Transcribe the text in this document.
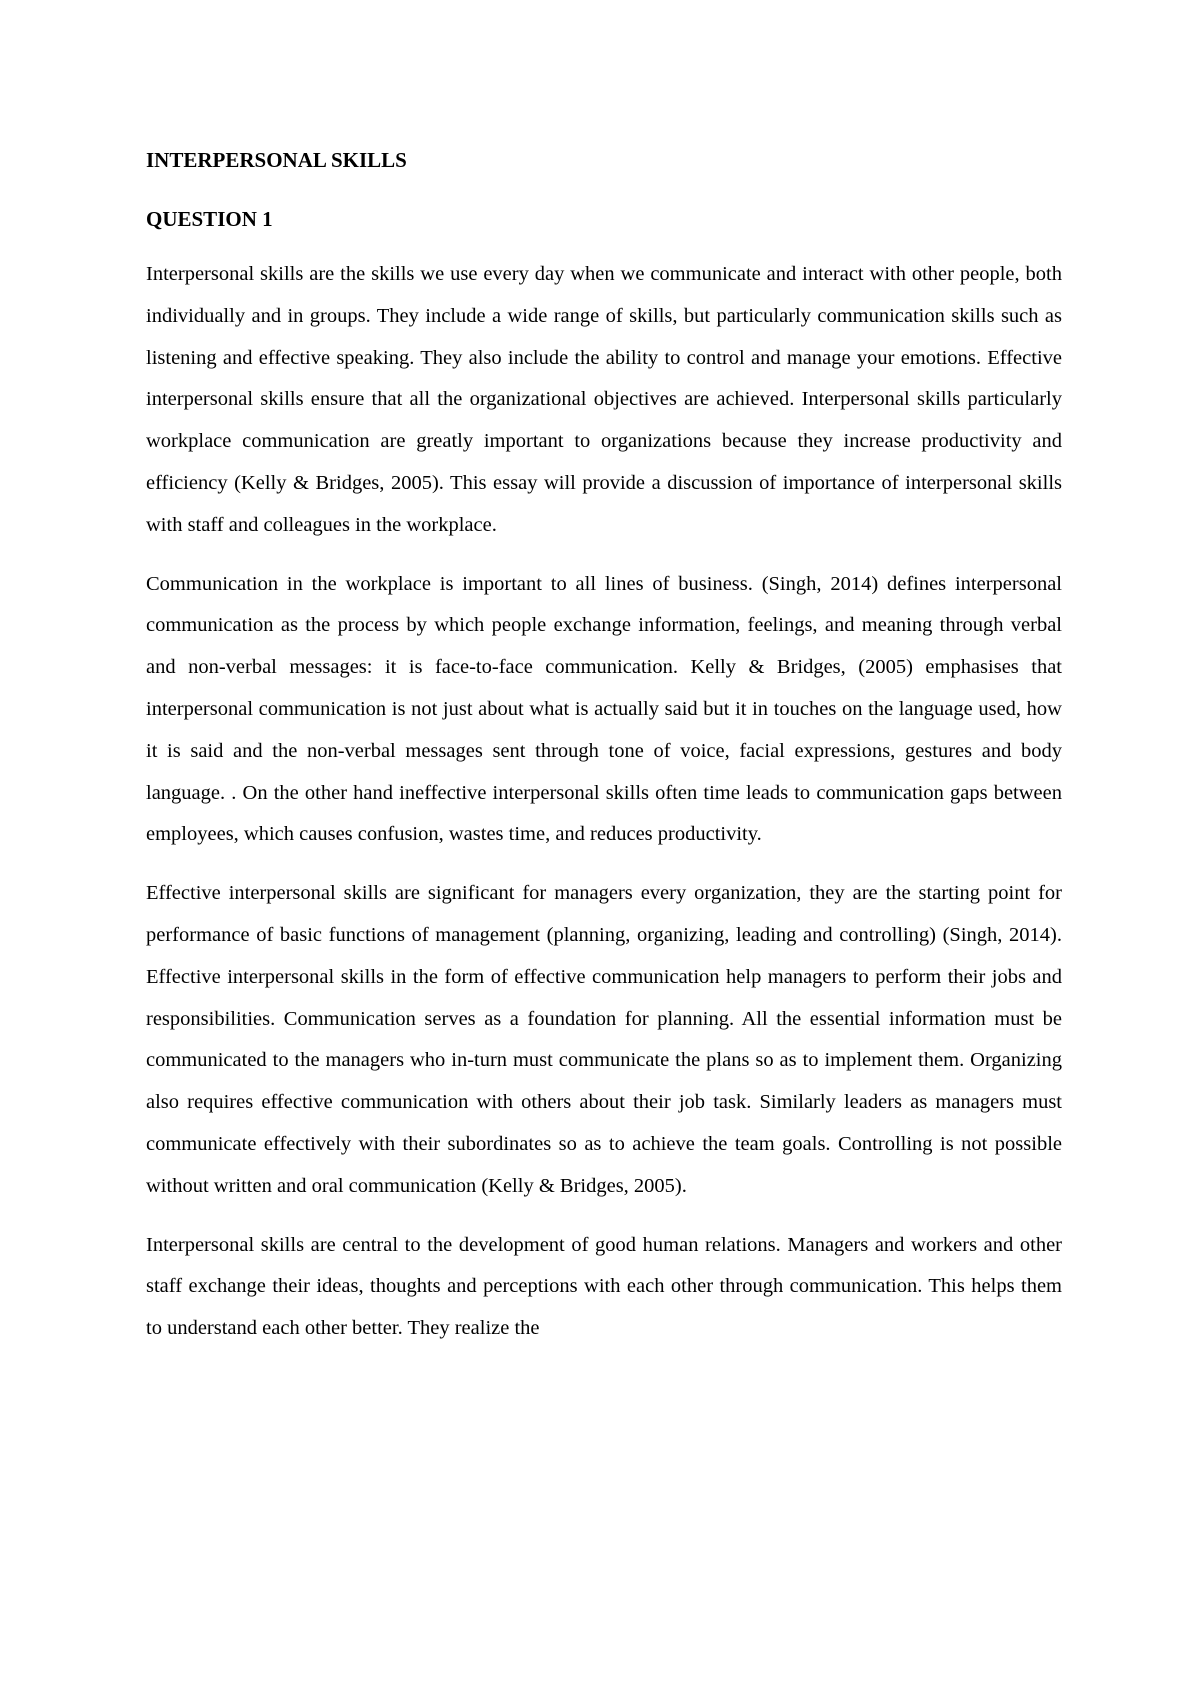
INTERPERSONAL SKILLS

QUESTION 1

Interpersonal skills are the skills we use every day when we communicate and interact with other people, both individually and in groups. They include a wide range of skills, but particularly communication skills such as listening and effective speaking. They also include the ability to control and manage your emotions. Effective interpersonal skills ensure that all the organizational objectives are achieved. Interpersonal skills particularly workplace communication are greatly important to organizations because they increase productivity and efficiency (Kelly & Bridges, 2005). This essay will provide a discussion of importance of interpersonal skills with staff and colleagues in the workplace.

Communication in the workplace is important to all lines of business. (Singh, 2014) defines interpersonal communication as the process by which people exchange information, feelings, and meaning through verbal and non-verbal messages: it is face-to-face communication. Kelly & Bridges, (2005) emphasises that interpersonal communication is not just about what is actually said but it in touches on the language used, how it is said and the non-verbal messages sent through tone of voice, facial expressions, gestures and body language. . On the other hand ineffective interpersonal skills often time leads to communication gaps between employees, which causes confusion, wastes time, and reduces productivity.

Effective interpersonal skills are significant for managers every organization, they are the starting point for performance of basic functions of management (planning, organizing, leading and controlling) (Singh, 2014). Effective interpersonal skills in the form of effective communication help managers to perform their jobs and responsibilities. Communication serves as a foundation for planning. All the essential information must be communicated to the managers who in-turn must communicate the plans so as to implement them. Organizing also requires effective communication with others about their job task. Similarly leaders as managers must communicate effectively with their subordinates so as to achieve the team goals. Controlling is not possible without written and oral communication (Kelly & Bridges, 2005).

Interpersonal skills are central to the development of good human relations. Managers and workers and other staff exchange their ideas, thoughts and perceptions with each other through communication. This helps them to understand each other better. They realize the
